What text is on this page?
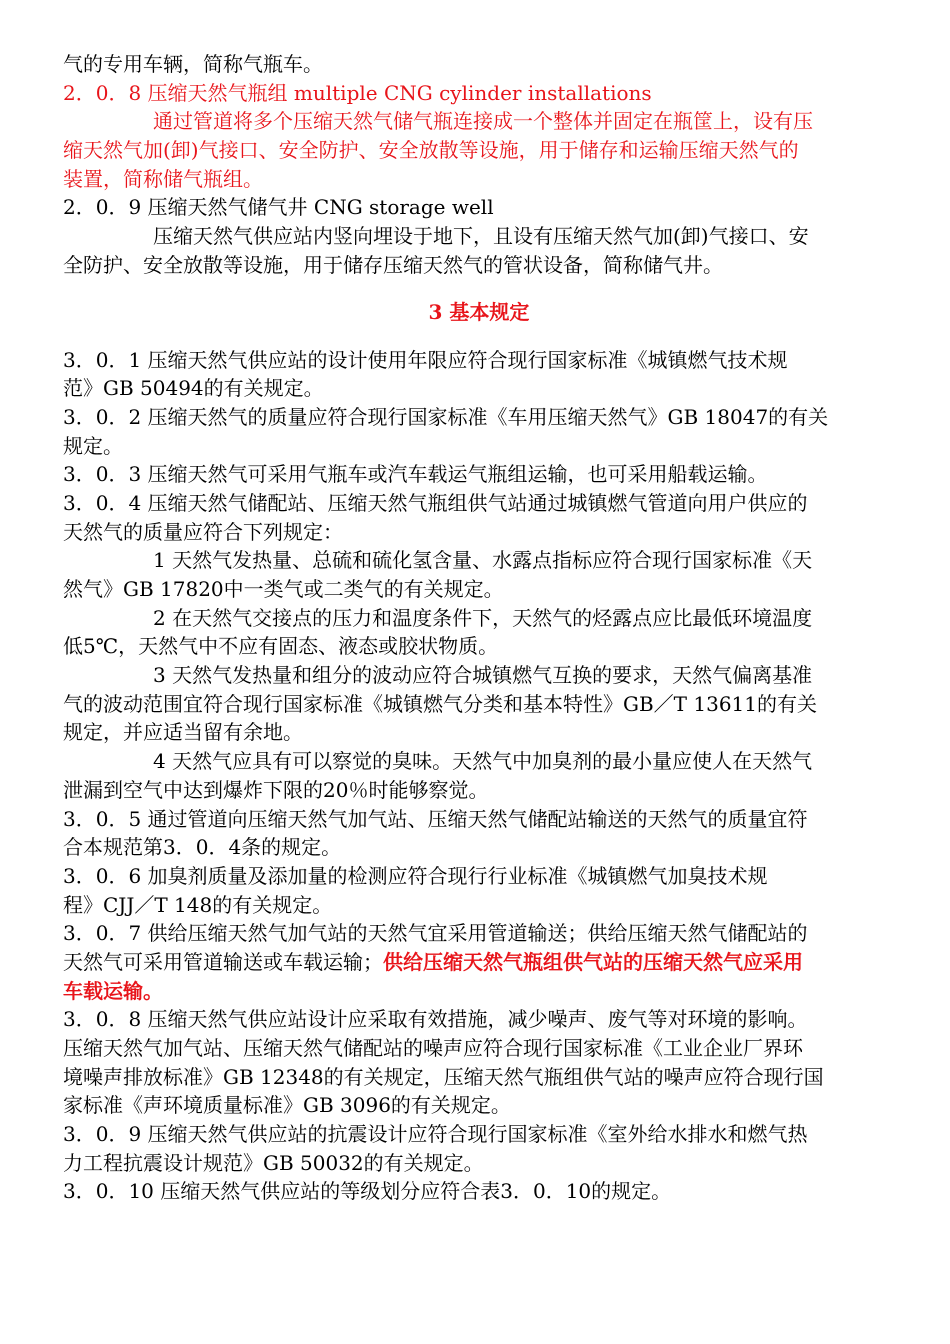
气的专用车辆，简称气瓶车。
2．0．8 压缩天然气瓶组 multiple CNG cylinder installations
通过管道将多个压缩天然气储气瓶连接成一个整体并固定在瓶筐上，设有压
缩天然气加(卸)气接口、安全防护、安全放散等设施，用于储存和运输压缩天然气的
装置，简称储气瓶组。
2．0．9 压缩天然气储气井 CNG storage well
压缩天然气供应站内竖向埋设于地下，且设有压缩天然气加(卸)气接口、安
全防护、安全放散等设施，用于储存压缩天然气的管状设备，简称储气井。
3 基本规定
3．0．1 压缩天然气供应站的设计使用年限应符合现行国家标准《城镇燃气技术规
范》GB 50494的有关规定。
3．0．2 压缩天然气的质量应符合现行国家标准《车用压缩天然气》GB 18047的有关
规定。
3．0．3 压缩天然气可采用气瓶车或汽车载运气瓶组运输，也可采用船载运输。
3．0．4 压缩天然气储配站、压缩天然气瓶组供气站通过城镇燃气管道向用户供应的
天然气的质量应符合下列规定：
1 天然气发热量、总硫和硫化氢含量、水露点指标应符合现行国家标准《天
然气》GB 17820中一类气或二类气的有关规定。
2 在天然气交接点的压力和温度条件下，天然气的烃露点应比最低环境温度
低5℃，天然气中不应有固态、液态或胶状物质。
3 天然气发热量和组分的波动应符合城镇燃气互换的要求，天然气偏离基准
气的波动范围宜符合现行国家标准《城镇燃气分类和基本特性》GB／T 13611的有关
规定，并应适当留有余地。
4 天然气应具有可以察觉的臭味。天然气中加臭剂的最小量应使人在天然气
泄漏到空气中达到爆炸下限的20％时能够察觉。
3．0．5 通过管道向压缩天然气加气站、压缩天然气储配站输送的天然气的质量宜符
合本规范第3．0．4条的规定。
3．0．6 加臭剂质量及添加量的检测应符合现行行业标准《城镇燃气加臭技术规
程》CJJ／T 148的有关规定。
3．0．7 供给压缩天然气加气站的天然气宜采用管道输送；供给压缩天然气储配站的
天然气可采用管道输送或车载运输；供给压缩天然气瓶组供气站的压缩天然气应采用
车载运输。
3．0．8 压缩天然气供应站设计应采取有效措施，减少噪声、废气等对环境的影响。
压缩天然气加气站、压缩天然气储配站的噪声应符合现行国家标准《工业企业厂界环
境噪声排放标准》GB 12348的有关规定，压缩天然气瓶组供气站的噪声应符合现行国
家标准《声环境质量标准》GB 3096的有关规定。
3．0．9 压缩天然气供应站的抗震设计应符合现行国家标准《室外给水排水和燃气热
力工程抗震设计规范》GB 50032的有关规定。
3．0．10 压缩天然气供应站的等级划分应符合表3．0．10的规定。
